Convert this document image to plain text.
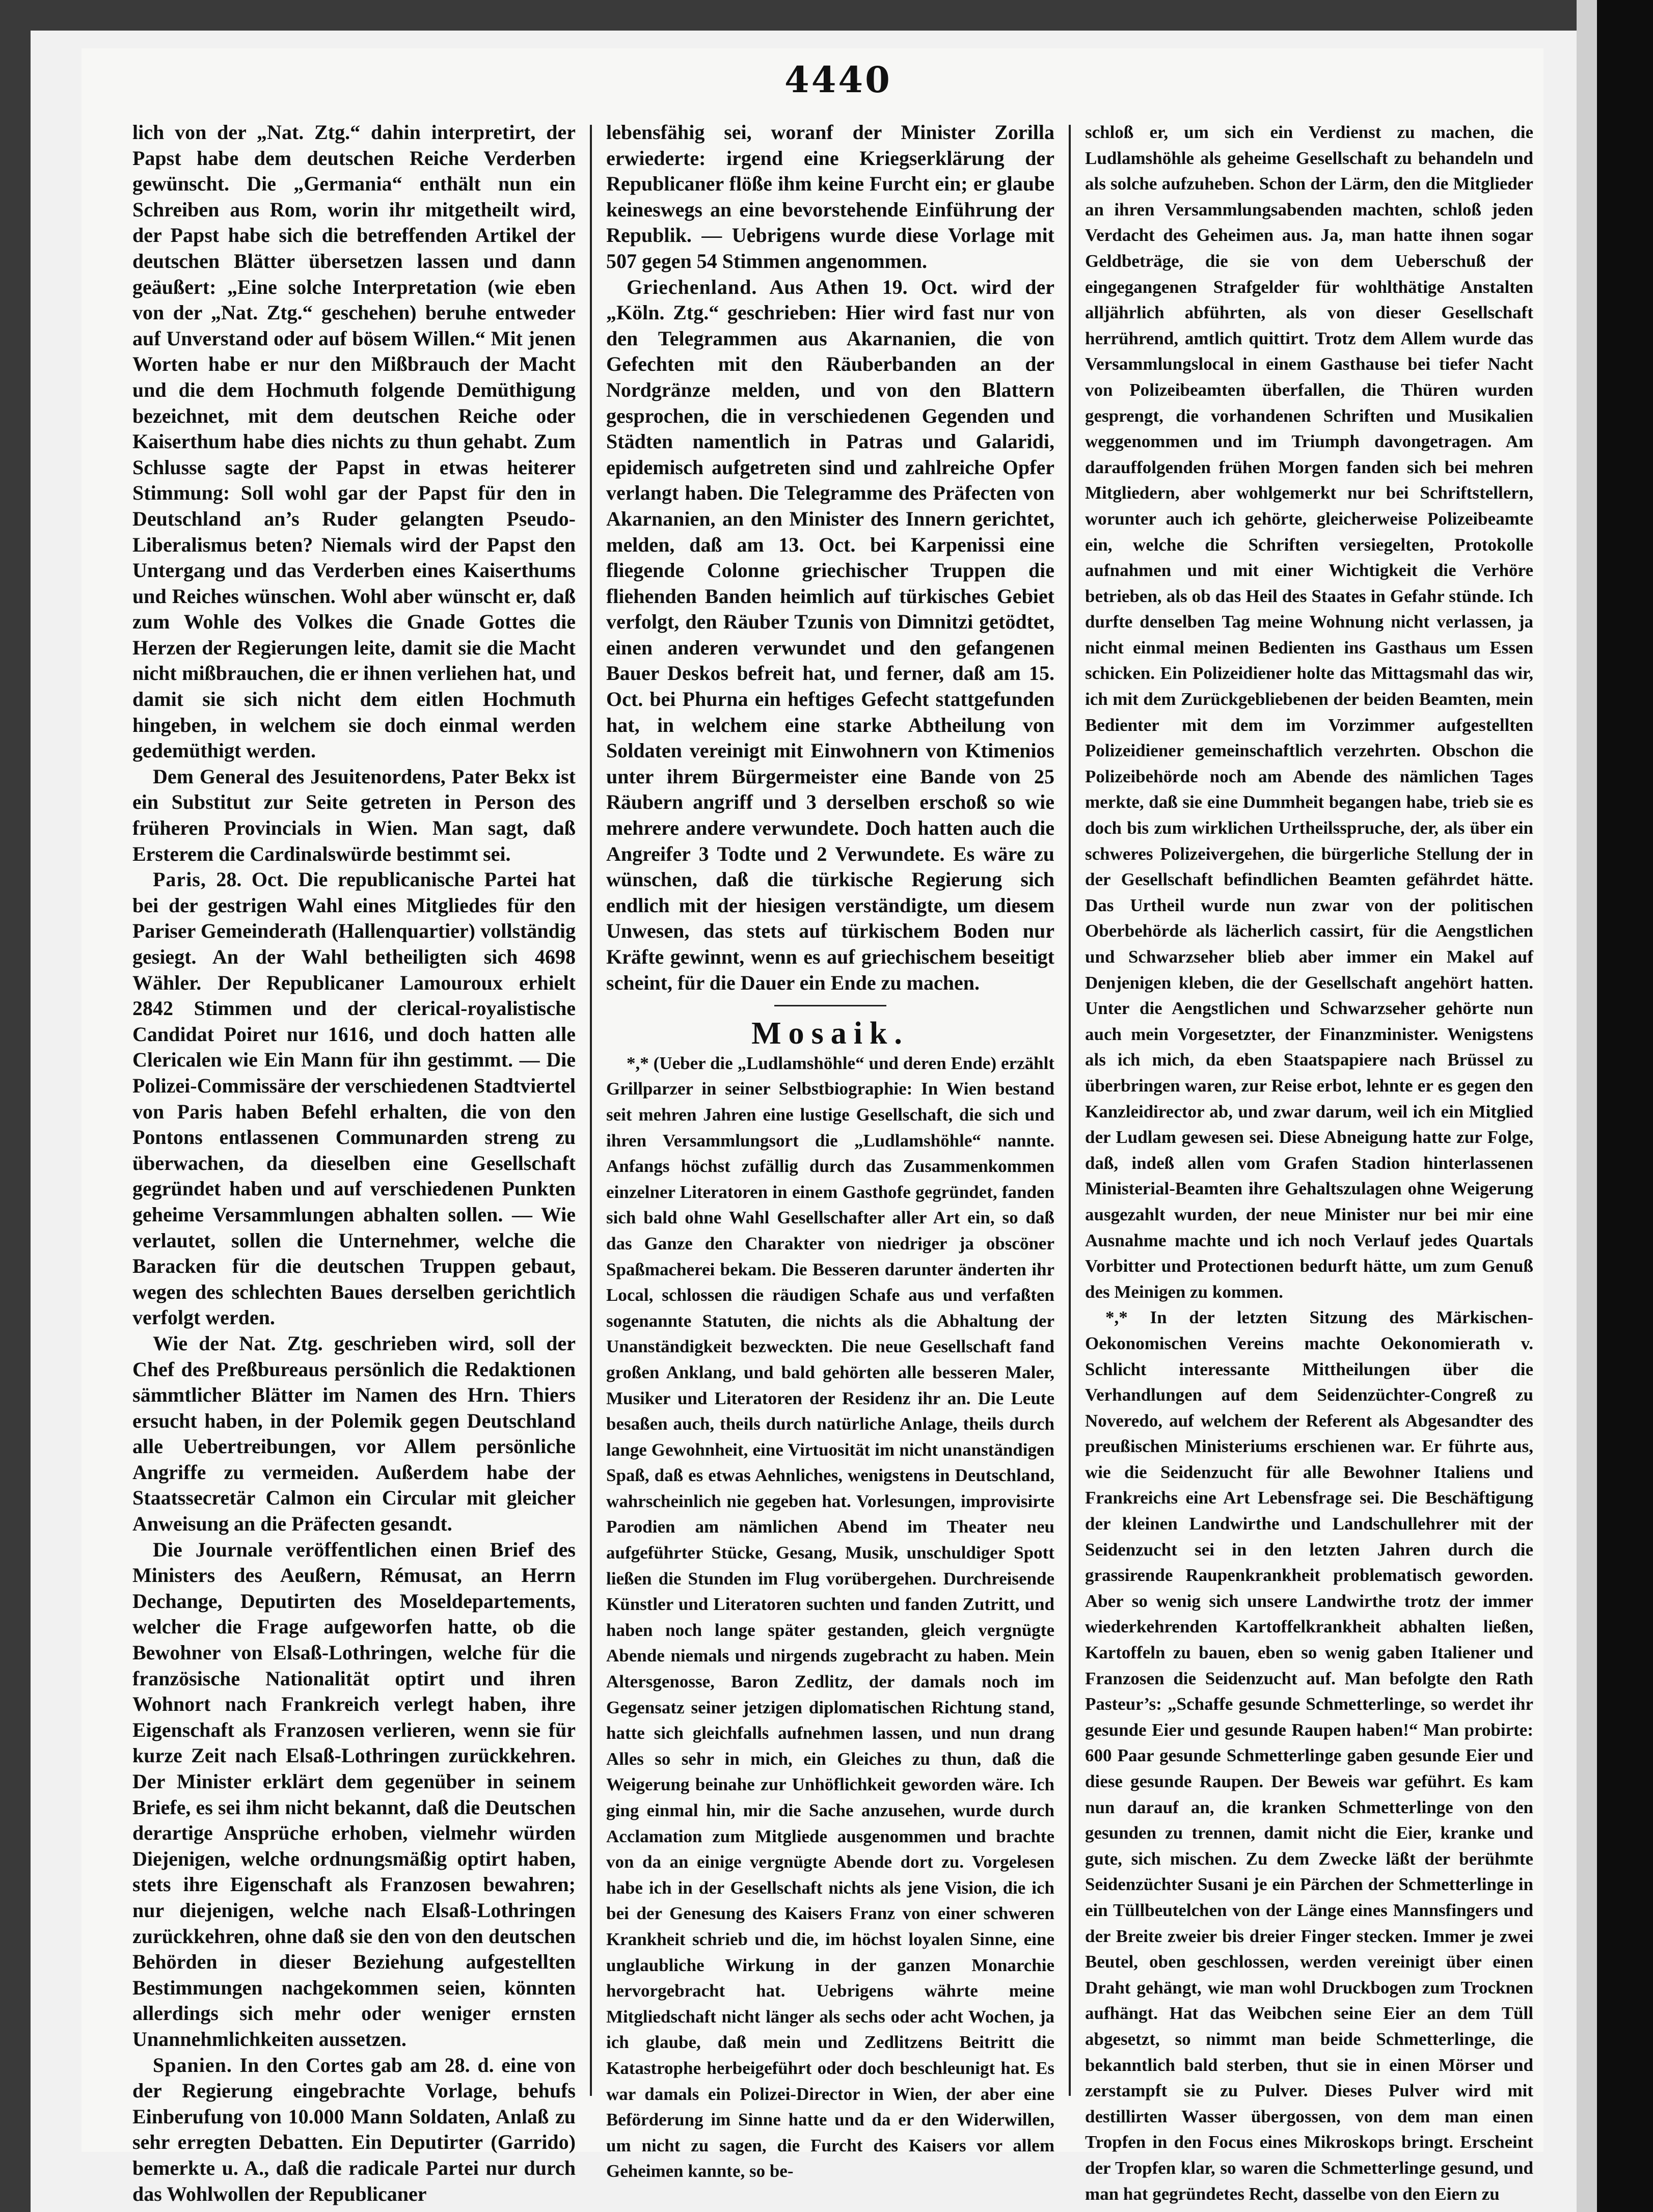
4440

lich von der „Nat. Ztg.“ dahin interpretirt, der Papst habe dem deutschen Reiche Verderben gewünscht. Die „Germania“ enthält nun ein Schreiben aus Rom, worin ihr mitgetheilt wird, der Papst habe sich die betreffenden Artikel der deutschen Blätter übersetzen lassen und dann geäußert: „Eine solche Interpretation (wie eben von der „Nat. Ztg.“ geschehen) beruhe entweder auf Unverstand oder auf bösem Willen.“ Mit jenen Worten habe er nur den Mißbrauch der Macht und die dem Hochmuth folgende Demüthigung bezeichnet, mit dem deutschen Reiche oder Kaiserthum habe dies nichts zu thun gehabt. Zum Schlusse sagte der Papst in etwas heiterer Stimmung: Soll wohl gar der Papst für den in Deutschland an’s Ruder gelangten Pseudo-Liberalismus beten? Niemals wird der Papst den Untergang und das Verderben eines Kaiserthums und Reiches wünschen. Wohl aber wünscht er, daß zum Wohle des Volkes die Gnade Gottes die Herzen der Regierungen leite, damit sie die Macht nicht mißbrauchen, die er ihnen verliehen hat, und damit sie sich nicht dem eitlen Hochmuth hingeben, in welchem sie doch einmal werden gedemüthigt werden.

Dem General des Jesuitenordens, Pater Bekx ist ein Substitut zur Seite getreten in Person des früheren Provincials in Wien. Man sagt, daß Ersterem die Cardinalswürde bestimmt sei.

Paris, 28. Oct. Die republicanische Partei hat bei der gestrigen Wahl eines Mitgliedes für den Pariser Gemeinderath (Hallenquartier) vollständig gesiegt. An der Wahl betheiligten sich 4698 Wähler. Der Republicaner Lamouroux erhielt 2842 Stimmen und der clerical-royalistische Candidat Poiret nur 1616, und doch hatten alle Clericalen wie Ein Mann für ihn gestimmt. — Die Polizei-Commissäre der verschiedenen Stadtviertel von Paris haben Befehl erhalten, die von den Pontons entlassenen Communarden streng zu überwachen, da dieselben eine Gesellschaft gegründet haben und auf verschiedenen Punkten geheime Versammlungen abhalten sollen. — Wie verlautet, sollen die Unternehmer, welche die Baracken für die deutschen Truppen gebaut, wegen des schlechten Baues derselben gerichtlich verfolgt werden.

Wie der Nat. Ztg. geschrieben wird, soll der Chef des Preßbureaus persönlich die Redaktionen sämmtlicher Blätter im Namen des Hrn. Thiers ersucht haben, in der Polemik gegen Deutschland alle Uebertreibungen, vor Allem persönliche Angriffe zu vermeiden. Außerdem habe der Staatssecretär Calmon ein Circular mit gleicher Anweisung an die Präfecten gesandt.

Die Journale veröffentlichen einen Brief des Ministers des Aeußern, Rémusat, an Herrn Dechange, Deputirten des Moseldepartements, welcher die Frage aufgeworfen hatte, ob die Bewohner von Elsaß-Lothringen, welche für die französische Nationalität optirt und ihren Wohnort nach Frankreich verlegt haben, ihre Eigenschaft als Franzosen verlieren, wenn sie für kurze Zeit nach Elsaß-Lothringen zurückkehren. Der Minister erklärt dem gegenüber in seinem Briefe, es sei ihm nicht bekannt, daß die Deutschen derartige Ansprüche erhoben, vielmehr würden Diejenigen, welche ordnungsmäßig optirt haben, stets ihre Eigenschaft als Franzosen bewahren; nur diejenigen, welche nach Elsaß-Lothringen zurückkehren, ohne daß sie den von den deutschen Behörden in dieser Beziehung aufgestellten Bestimmungen nachgekommen seien, könnten allerdings sich mehr oder weniger ernsten Unannehmlichkeiten aussetzen.

Spanien. In den Cortes gab am 28. d. eine von der Regierung eingebrachte Vorlage, behufs Einberufung von 10.000 Mann Soldaten, Anlaß zu sehr erregten Debatten. Ein Deputirter (Garrido) bemerkte u. A., daß die radicale Partei nur durch das Wohlwollen der Republicaner

lebensfähig sei, woranf der Minister Zorilla erwiederte: irgend eine Kriegserklärung der Republicaner flöße ihm keine Furcht ein; er glaube keineswegs an eine bevorstehende Einführung der Republik. — Uebrigens wurde diese Vorlage mit 507 gegen 54 Stimmen angenommen.

Griechenland. Aus Athen 19. Oct. wird der „Köln. Ztg.“ geschrieben: Hier wird fast nur von den Telegrammen aus Akarnanien, die von Gefechten mit den Räuberbanden an der Nordgränze melden, und von den Blattern gesprochen, die in verschiedenen Gegenden und Städten namentlich in Patras und Galaridi, epidemisch aufgetreten sind und zahlreiche Opfer verlangt haben. Die Telegramme des Präfecten von Akarnanien, an den Minister des Innern gerichtet, melden, daß am 13. Oct. bei Karpenissi eine fliegende Colonne griechischer Truppen die fliehenden Banden heimlich auf türkisches Gebiet verfolgt, den Räuber Tzunis von Dimnitzi getödtet, einen anderen verwundet und den gefangenen Bauer Deskos befreit hat, und ferner, daß am 15. Oct. bei Phurna ein heftiges Gefecht stattgefunden hat, in welchem eine starke Abtheilung von Soldaten vereinigt mit Einwohnern von Ktimenios unter ihrem Bürgermeister eine Bande von 25 Räubern angriff und 3 derselben erschoß so wie mehrere andere verwundete. Doch hatten auch die Angreifer 3 Todte und 2 Verwundete. Es wäre zu wünschen, daß die türkische Regierung sich endlich mit der hiesigen verständigte, um diesem Unwesen, das stets auf türkischem Boden nur Kräfte gewinnt, wenn es auf griechischem beseitigt scheint, für die Dauer ein Ende zu machen.

Mosaik.

*,* (Ueber die „Ludlamshöhle“ und deren Ende) erzählt Grillparzer in seiner Selbstbiographie: In Wien bestand seit mehren Jahren eine lustige Gesellschaft, die sich und ihren Versammlungsort die „Ludlamshöhle“ nannte. Anfangs höchst zufällig durch das Zusammenkommen einzelner Literatoren in einem Gasthofe gegründet, fanden sich bald ohne Wahl Gesellschafter aller Art ein, so daß das Ganze den Charakter von niedriger ja obscöner Spaßmacherei bekam. Die Besseren darunter änderten ihr Local, schlossen die räudigen Schafe aus und verfaßten sogenannte Statuten, die nichts als die Abhaltung der Unanständigkeit bezweckten. Die neue Gesellschaft fand großen Anklang, und bald gehörten alle besseren Maler, Musiker und Literatoren der Residenz ihr an. Die Leute besaßen auch, theils durch natürliche Anlage, theils durch lange Gewohnheit, eine Virtuosität im nicht unanständigen Spaß, daß es etwas Aehnliches, wenigstens in Deutschland, wahrscheinlich nie gegeben hat. Vorlesungen, improvisirte Parodien am nämlichen Abend im Theater neu aufgeführter Stücke, Gesang, Musik, unschuldiger Spott ließen die Stunden im Flug vorübergehen. Durchreisende Künstler und Literatoren suchten und fanden Zutritt, und haben noch lange später gestanden, gleich vergnügte Abende niemals und nirgends zugebracht zu haben. Mein Altersgenosse, Baron Zedlitz, der damals noch im Gegensatz seiner jetzigen diplomatischen Richtung stand, hatte sich gleichfalls aufnehmen lassen, und nun drang Alles so sehr in mich, ein Gleiches zu thun, daß die Weigerung beinahe zur Unhöflichkeit geworden wäre. Ich ging einmal hin, mir die Sache anzusehen, wurde durch Acclamation zum Mitgliede ausgenommen und brachte von da an einige vergnügte Abende dort zu. Vorgelesen habe ich in der Gesellschaft nichts als jene Vision, die ich bei der Genesung des Kaisers Franz von einer schweren Krankheit schrieb und die, im höchst loyalen Sinne, eine unglaubliche Wirkung in der ganzen Monarchie hervorgebracht hat. Uebrigens währte meine Mitgliedschaft nicht länger als sechs oder acht Wochen, ja ich glaube, daß mein und Zedlitzens Beitritt die Katastrophe herbeigeführt oder doch beschleunigt hat. Es war damals ein Polizei-Director in Wien, der aber eine Beförderung im Sinne hatte und da er den Widerwillen, um nicht zu sagen, die Furcht des Kaisers vor allem Geheimen kannte, so be-

schloß er, um sich ein Verdienst zu machen, die Ludlamshöhle als geheime Gesellschaft zu behandeln und als solche aufzuheben. Schon der Lärm, den die Mitglieder an ihren Versammlungsabenden machten, schloß jeden Verdacht des Geheimen aus. Ja, man hatte ihnen sogar Geldbeträge, die sie von dem Ueberschuß der eingegangenen Strafgelder für wohlthätige Anstalten alljährlich abführten, als von dieser Gesellschaft herrührend, amtlich quittirt. Trotz dem Allem wurde das Versammlungslocal in einem Gasthause bei tiefer Nacht von Polizeibeamten überfallen, die Thüren wurden gesprengt, die vorhandenen Schriften und Musikalien weggenommen und im Triumph davongetragen. Am darauffolgenden frühen Morgen fanden sich bei mehren Mitgliedern, aber wohlgemerkt nur bei Schriftstellern, worunter auch ich gehörte, gleicherweise Polizeibeamte ein, welche die Schriften versiegelten, Protokolle aufnahmen und mit einer Wichtigkeit die Verhöre betrieben, als ob das Heil des Staates in Gefahr stünde. Ich durfte denselben Tag meine Wohnung nicht verlassen, ja nicht einmal meinen Bedienten ins Gasthaus um Essen schicken. Ein Polizeidiener holte das Mittagsmahl das wir, ich mit dem Zurückgebliebenen der beiden Beamten, mein Bedienter mit dem im Vorzimmer aufgestellten Polizeidiener gemeinschaftlich verzehrten. Obschon die Polizeibehörde noch am Abende des nämlichen Tages merkte, daß sie eine Dummheit begangen habe, trieb sie es doch bis zum wirklichen Urtheilsspruche, der, als über ein schweres Polizeivergehen, die bürgerliche Stellung der in der Gesellschaft befindlichen Beamten gefährdet hätte. Das Urtheil wurde nun zwar von der politischen Oberbehörde als lächerlich cassirt, für die Aengstlichen und Schwarzseher blieb aber immer ein Makel auf Denjenigen kleben, die der Gesellschaft angehört hatten. Unter die Aengstlichen und Schwarzseher gehörte nun auch mein Vorgesetzter, der Finanzminister. Wenigstens als ich mich, da eben Staatspapiere nach Brüssel zu überbringen waren, zur Reise erbot, lehnte er es gegen den Kanzleidirector ab, und zwar darum, weil ich ein Mitglied der Ludlam gewesen sei. Diese Abneigung hatte zur Folge, daß, indeß allen vom Grafen Stadion hinterlassenen Ministerial-Beamten ihre Gehaltszulagen ohne Weigerung ausgezahlt wurden, der neue Minister nur bei mir eine Ausnahme machte und ich noch Verlauf jedes Quartals Vorbitter und Protectionen bedurft hätte, um zum Genuß des Meinigen zu kommen.

*,* In der letzten Sitzung des Märkischen-Oekonomischen Vereins machte Oekonomierath v. Schlicht interessante Mittheilungen über die Verhandlungen auf dem Seidenzüchter-Congreß zu Noveredo, auf welchem der Referent als Abgesandter des preußischen Ministeriums erschienen war. Er führte aus, wie die Seidenzucht für alle Bewohner Italiens und Frankreichs eine Art Lebensfrage sei. Die Beschäftigung der kleinen Landwirthe und Landschullehrer mit der Seidenzucht sei in den letzten Jahren durch die grassirende Raupenkrankheit problematisch geworden. Aber so wenig sich unsere Landwirthe trotz der immer wiederkehrenden Kartoffelkrankheit abhalten ließen, Kartoffeln zu bauen, eben so wenig gaben Italiener und Franzosen die Seidenzucht auf. Man befolgte den Rath Pasteur’s: „Schaffe gesunde Schmetterlinge, so werdet ihr gesunde Eier und gesunde Raupen haben!“ Man probirte: 600 Paar gesunde Schmetterlinge gaben gesunde Eier und diese gesunde Raupen. Der Beweis war geführt. Es kam nun darauf an, die kranken Schmetterlinge von den gesunden zu trennen, damit nicht die Eier, kranke und gute, sich mischen. Zu dem Zwecke läßt der berühmte Seidenzüchter Susani je ein Pärchen der Schmetterlinge in ein Tüllbeutelchen von der Länge eines Mannsfingers und der Breite zweier bis dreier Finger stecken. Immer je zwei Beutel, oben geschlossen, werden vereinigt über einen Draht gehängt, wie man wohl Druckbogen zum Trocknen aufhängt. Hat das Weibchen seine Eier an dem Tüll abgesetzt, so nimmt man beide Schmetterlinge, die bekanntlich bald sterben, thut sie in einen Mörser und zerstampft sie zu Pulver. Dieses Pulver wird mit destillirten Wasser übergossen, von dem man einen Tropfen in den Focus eines Mikroskops bringt. Erscheint der Tropfen klar, so waren die Schmetterlinge gesund, und man hat gegründetes Recht, dasselbe von den Eiern zu
